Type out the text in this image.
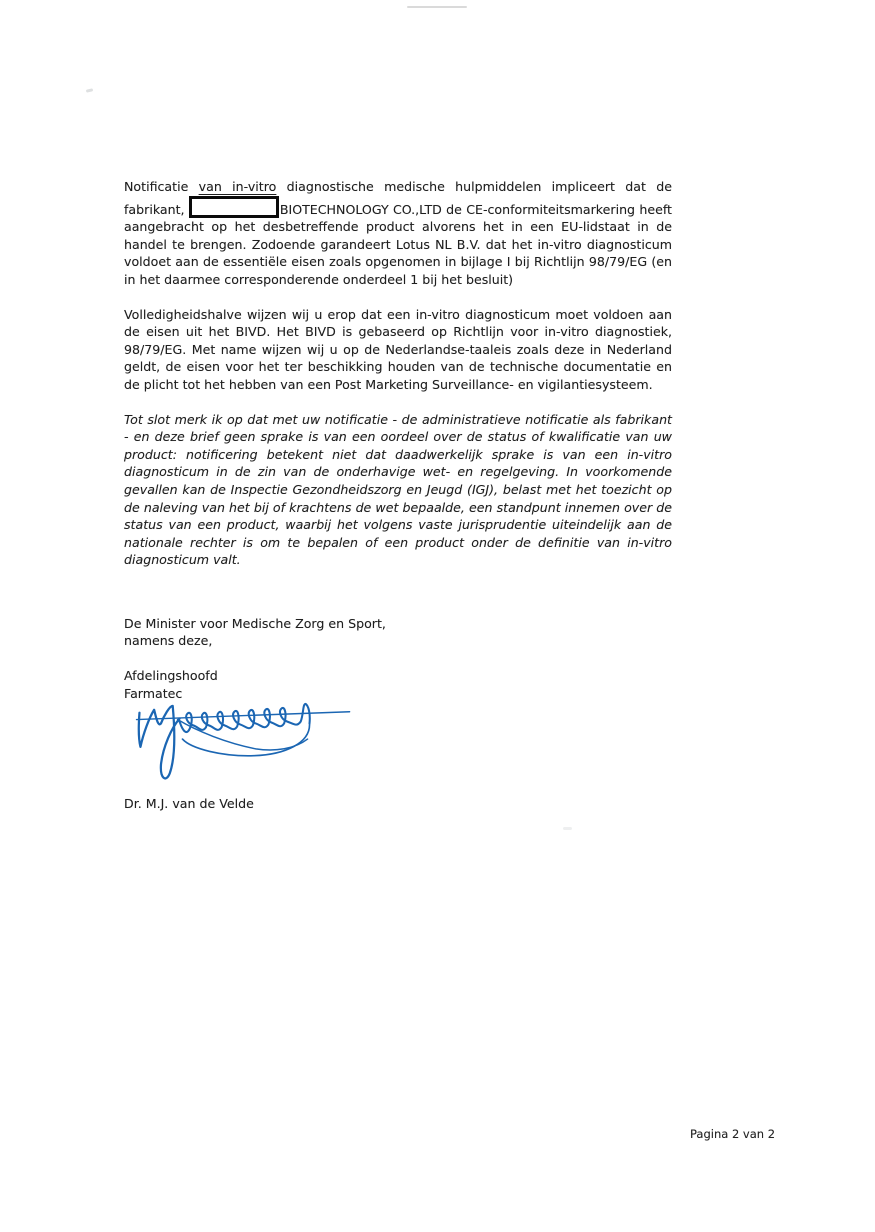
Notificatie van in-vitro diagnostische medische hulpmiddelen impliceert dat de fabrikant,	BIOTECHNOLOGY CO.,LTD de CE-conformiteitsmarkering heeft aangebracht op het desbetreffende product alvorens het in een EU-lidstaat in de handel te brengen. Zodoende garandeert Lotus NL B.V. dat het in-vitro diagnosticum voldoet aan de essentiële eisen zoals opgenomen in bijlage I bij Richtlijn 98/79/EG (en in het daarmee corresponderende onderdeel 1 bij het besluit)

Volledigheidshalve wijzen wij u erop dat een in-vitro diagnosticum moet voldoen aan de eisen uit het BIVD. Het BIVD is gebaseerd op Richtlijn voor in-vitro diagnostiek, 98/79/EG. Met name wijzen wij u op de Nederlandse-taaleis zoals deze in Nederland geldt, de eisen voor het ter beschikking houden van de technische documentatie en de plicht tot het hebben van een Post Marketing Surveillance- en vigilantiesysteem.

Tot slot merk ik op dat met uw notificatie - de administratieve notificatie als fabrikant - en deze brief geen sprake is van een oordeel over de status of kwalificatie van uw product: notificering betekent niet dat daadwerkelijk sprake is van een in-vitro diagnosticum in de zin van de onderhavige wet- en regelgeving. In voorkomende gevallen kan de Inspectie Gezondheidszorg en Jeugd (IGJ), belast met het toezicht op de naleving van het bij of krachtens de wet bepaalde, een standpunt innemen over de status van een product, waarbij het volgens vaste jurisprudentie uiteindelijk aan de nationale rechter is om te bepalen of een product onder de definitie van in-vitro diagnosticum valt.

De Minister voor Medische Zorg en Sport,
namens deze,
Afdelingshoofd
Farmatec
Dr. M.J. van de Velde
Pagina 2 van 2
